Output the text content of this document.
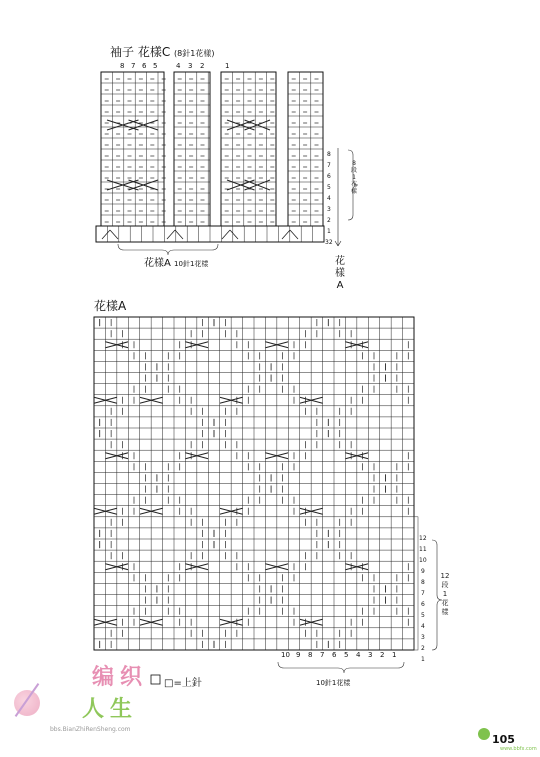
袖子 花樣C (8針1花樣)
8 7 6 5	4 3 2	1
8
7
6
5
4
3
2
1
32
8
段
1
花
樣
花樣A 10針1花樣	花
樣
A
花樣A
12
11
10
9
8
7
6
5
4
3
2
1
12
段
1
花
樣
10 9 8 7 6 5 4 3 2 1
10針1花樣
□=上針
编织
人生
bbs.BianZhiRenSheng.com
105
www.bbfx.com
